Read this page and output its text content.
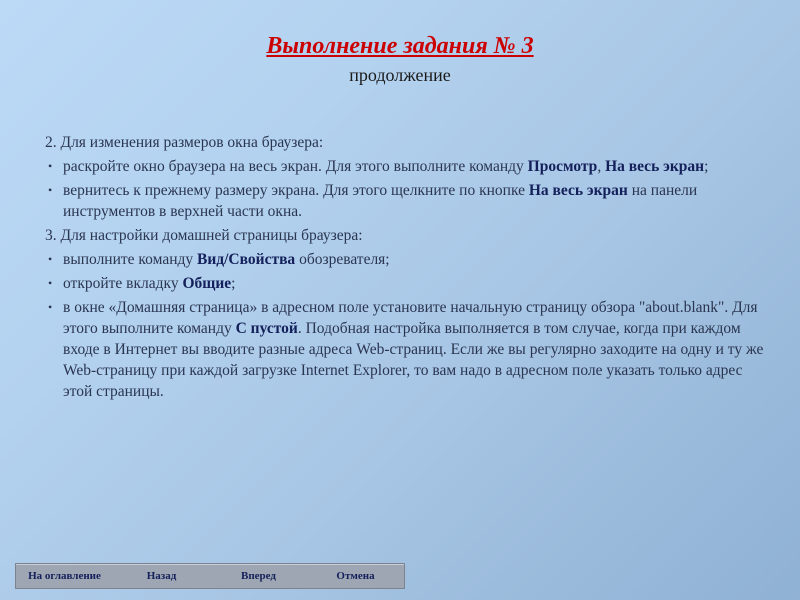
Выполнение задания № 3
продолжение
2. Для изменения размеров окна браузера:
• раскройте окно браузера на весь экран. Для этого выполните команду Просмотр, На весь экран;
• вернитесь к прежнему размеру экрана. Для этого щелкните по кнопке На весь экран на панели инструментов в верхней части окна.
3. Для настройки домашней страницы браузера:
• выполните команду Вид/Свойства обозревателя;
• откройте вкладку Общие;
• в окне «Домашняя страница» в адресном поле установите начальную страницу обзора "about.blank". Для этого выполните команду С пустой. Подобная настройка выполняется в том случае, когда при каждом входе в Интернет вы вводите разные адреса Web-страниц. Если же вы регулярно заходите на одну и ту же Web-страницу при каждой загрузке Internet Explorer, то вам надо в адресном поле указать только адрес этой страницы.
На оглавление	Назад	Вперед	Отмена
